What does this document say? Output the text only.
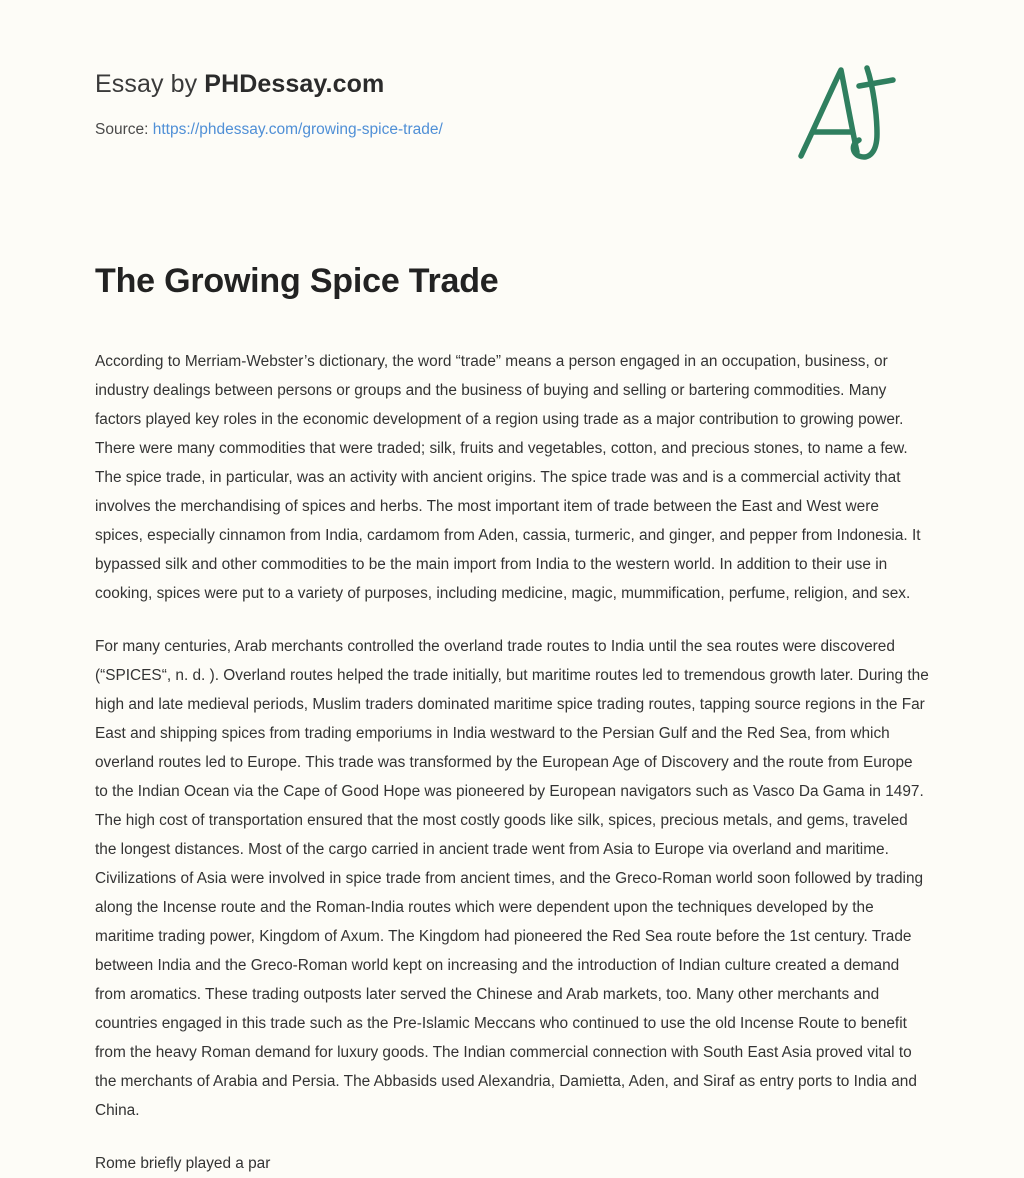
Essay by PHDessay.com
Source: https://phdessay.com/growing-spice-trade/
The Growing Spice Trade

According to Merriam-Webster’s dictionary, the word “trade” means a person engaged in an occupation, business, or industry dealings between persons or groups and the business of buying and selling or bartering commodities. Many factors played key roles in the economic development of a region using trade as a major contribution to growing power. There were many commodities that were traded; silk, fruits and vegetables, cotton, and precious stones, to name a few. The spice trade, in particular, was an activity with ancient origins. The spice trade was and is a commercial activity that involves the merchandising of spices and herbs. The most important item of trade between the East and West were spices, especially cinnamon from India, cardamom from Aden, cassia, turmeric, and ginger, and pepper from Indonesia. It bypassed silk and other commodities to be the main import from India to the western world. In addition to their use in cooking, spices were put to a variety of purposes, including medicine, magic, mummification, perfume, religion, and sex.

For many centuries, Arab merchants controlled the overland trade routes to India until the sea routes were discovered (“SPICES“, n. d. ). Overland routes helped the trade initially, but maritime routes led to tremendous growth later. During the high and late medieval periods, Muslim traders dominated maritime spice trading routes, tapping source regions in the Far East and shipping spices from trading emporiums in India westward to the Persian Gulf and the Red Sea, from which overland routes led to Europe. This trade was transformed by the European Age of Discovery and the route from Europe to the Indian Ocean via the Cape of Good Hope was pioneered by European navigators such as Vasco Da Gama in 1497. The high cost of transportation ensured that the most costly goods like silk, spices, precious metals, and gems, traveled the longest distances. Most of the cargo carried in ancient trade went from Asia to Europe via overland and maritime. Civilizations of Asia were involved in spice trade from ancient times, and the Greco-Roman world soon followed by trading along the Incense route and the Roman-India routes which were dependent upon the techniques developed by the maritime trading power, Kingdom of Axum. The Kingdom had pioneered the Red Sea route before the 1st century. Trade between India and the Greco-Roman world kept on increasing and the introduction of Indian culture created a demand from aromatics. These trading outposts later served the Chinese and Arab markets, too. Many other merchants and countries engaged in this trade such as the Pre-Islamic Meccans who continued to use the old Incense Route to benefit from the heavy Roman demand for luxury goods. The Indian commercial connection with South East Asia proved vital to the merchants of Arabia and Persia. The Abbasids used Alexandria, Damietta, Aden, and Siraf as entry ports to India and China.

Rome briefly played a par
